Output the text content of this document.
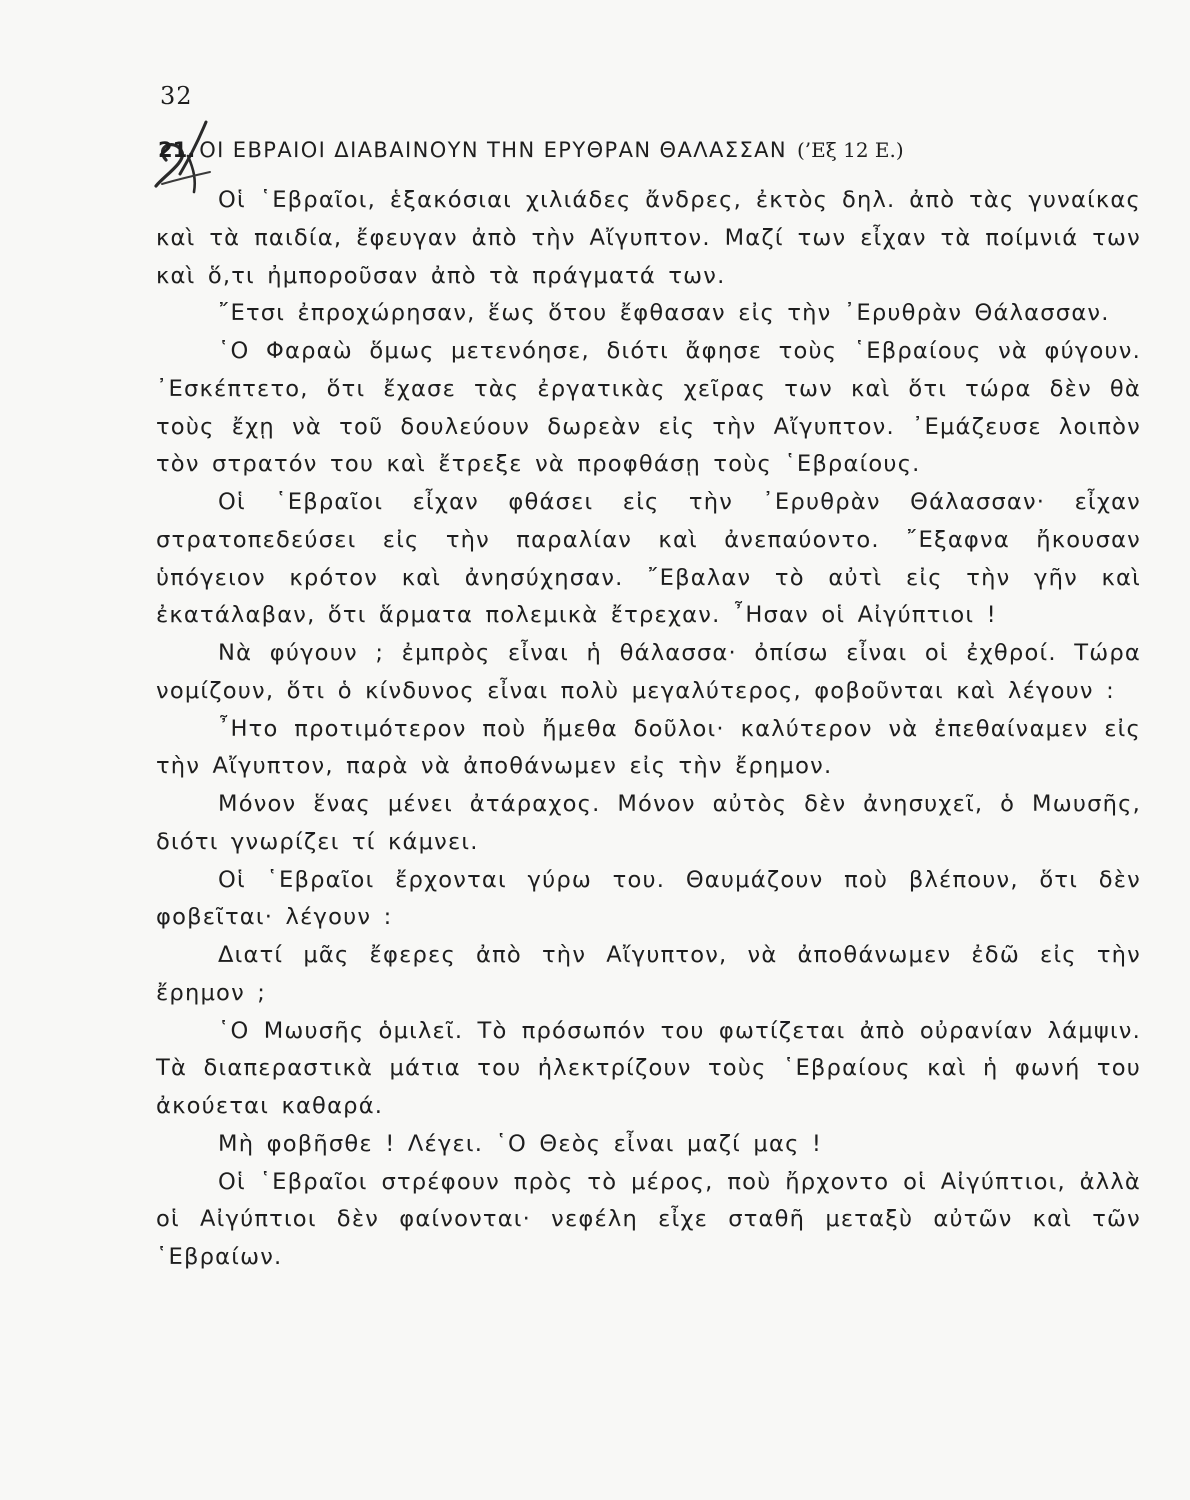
32
21. ΟΙ ΕΒΡΑΙΟΙ ΔΙΑΒΑΙΝΟΥΝ ΤΗΝ ΕΡΥΘΡΑΝ ΘΑΛΑΣΣΑΝ (’Εξ 12 Ε.)

Οἱ ῾Εβραῖοι, ἑξακόσιαι χιλιάδες ἄνδρες, ἐκτὸς δηλ. ἀπὸ τὰς γυναίκας καὶ τὰ παιδία, ἔφευγαν ἀπὸ τὴν Αἴγυπτον. Μαζί των εἶχαν τὰ ποίμνιά των καὶ ὅ,τι ἠμποροῦσαν ἀπὸ τὰ πράγματά των.

῎Ετσι ἐπροχώρησαν, ἕως ὅτου ἔφθασαν εἰς τὴν ᾿Ερυθρὰν Θάλασσαν.

῾Ο Φαραὼ ὅμως μετενόησε, διότι ἄφησε τοὺς ῾Εβραίους νὰ φύγουν. ᾿Εσκέπτετο, ὅτι ἔχασε τὰς ἐργατικὰς χεῖρας των καὶ ὅτι τώρα δὲν θὰ τοὺς ἔχῃ νὰ τοῦ δουλεύουν δωρεὰν εἰς τὴν Αἴγυπτον. ᾿Εμάζευσε λοιπὸν τὸν στρατόν του καὶ ἔτρεξε νὰ προφθάσῃ τοὺς ῾Εβραίους.

Οἱ ῾Εβραῖοι εἶχαν φθάσει εἰς τὴν ᾿Ερυθρὰν Θάλασσαν· εἶχαν στρατοπεδεύσει εἰς τὴν παραλίαν καὶ ἀνεπαύοντο. ῎Εξαφνα ἤκουσαν ὑπόγειον κρότον καὶ ἀνησύχησαν. ῎Εβαλαν τὸ αὐτὶ εἰς τὴν γῆν καὶ ἐκατάλαβαν, ὅτι ἅρματα πολεμικὰ ἔτρεχαν. ῏Ησαν οἱ Αἰγύπτιοι !

Νὰ φύγουν ; ἐμπρὸς εἶναι ἡ θάλασσα· ὀπίσω εἶναι οἱ ἐχθροί. Τώρα νομίζουν, ὅτι ὁ κίνδυνος εἶναι πολὺ μεγαλύτερος, φοβοῦνται καὶ λέγουν :

῏Ητο προτιμότερον ποὺ ἤμεθα δοῦλοι· καλύτερον νὰ ἐπεθαίναμεν εἰς τὴν Αἴγυπτον, παρὰ νὰ ἀποθάνωμεν εἰς τὴν ἔρημον.

Μόνον ἕνας μένει ἀτάραχος. Μόνον αὐτὸς δὲν ἀνησυχεῖ, ὁ Μωυσῆς, διότι γνωρίζει τί κάμνει.

Οἱ ῾Εβραῖοι ἔρχονται γύρω του. Θαυμάζουν ποὺ βλέπουν, ὅτι δὲν φοβεῖται· λέγουν :

Διατί μᾶς ἔφερες ἀπὸ τὴν Αἴγυπτον, νὰ ἀποθάνωμεν ἐδῶ εἰς τὴν ἔρημον ;

῾Ο Μωυσῆς ὁμιλεῖ. Τὸ πρόσωπόν του φωτίζεται ἀπὸ οὐρανίαν λάμψιν. Τὰ διαπεραστικὰ μάτια του ἠλεκτρίζουν τοὺς ῾Εβραίους καὶ ἡ φωνή του ἀκούεται καθαρά.

Μὴ φοβῆσθε ! Λέγει. ῾Ο Θεὸς εἶναι μαζί μας !

Οἱ ῾Εβραῖοι στρέφουν πρὸς τὸ μέρος, ποὺ ἤρχοντο οἱ Αἰγύπτιοι, ἀλλὰ οἱ Αἰγύπτιοι δὲν φαίνονται· νεφέλη εἶχε σταθῆ μεταξὺ αὐτῶν καὶ τῶν ῾Εβραίων.
